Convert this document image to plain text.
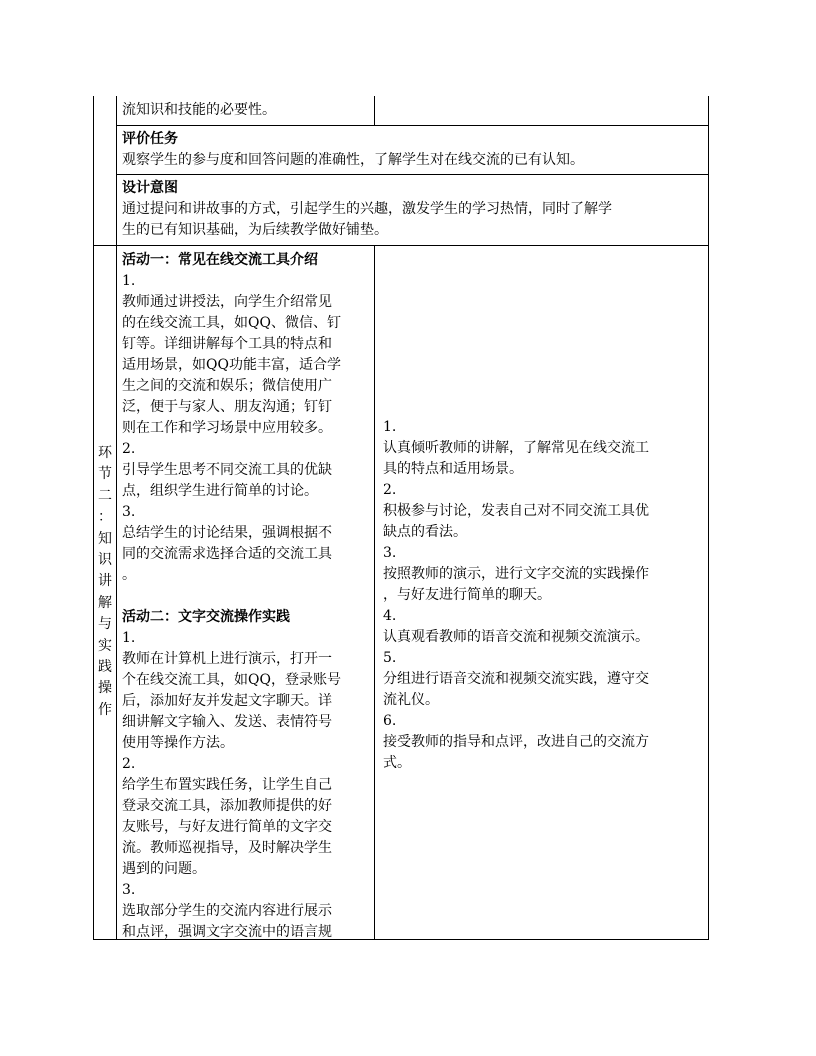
流知识和技能的必要性。

评价任务

观察学生的参与度和回答问题的准确性，了解学生对在线交流的已有认知。

设计意图

通过提问和讲故事的方式，引起学生的兴趣，激发学生的学习热情，同时了解学

生的已有知识基础，为后续教学做好铺垫。

环
节
二
：
知
识
讲
解
与
实
践
操
作

活动一：常见在线交流工具介绍

1.

教师通过讲授法，向学生介绍常见

的在线交流工具，如QQ、微信、钉

钉等。详细讲解每个工具的特点和

适用场景，如QQ功能丰富，适合学

生之间的交流和娱乐；微信使用广

泛，便于与家人、朋友沟通；钉钉

则在工作和学习场景中应用较多。

2.

引导学生思考不同交流工具的优缺

点，组织学生进行简单的讨论。

3.

总结学生的讨论结果，强调根据不

同的交流需求选择合适的交流工具

。

活动二：文字交流操作实践

1.

教师在计算机上进行演示，打开一

个在线交流工具，如QQ，登录账号

后，添加好友并发起文字聊天。详

细讲解文字输入、发送、表情符号

使用等操作方法。

2.

给学生布置实践任务，让学生自己

登录交流工具，添加教师提供的好

友账号，与好友进行简单的文字交

流。教师巡视指导，及时解决学生

遇到的问题。

3.

选取部分学生的交流内容进行展示

和点评，强调文字交流中的语言规

1.

认真倾听教师的讲解，了解常见在线交流工

具的特点和适用场景。

2.

积极参与讨论，发表自己对不同交流工具优

缺点的看法。

3.

按照教师的演示，进行文字交流的实践操作

，与好友进行简单的聊天。

4.

认真观看教师的语音交流和视频交流演示。

5.

分组进行语音交流和视频交流实践，遵守交

流礼仪。

6.

接受教师的指导和点评，改进自己的交流方

式。
